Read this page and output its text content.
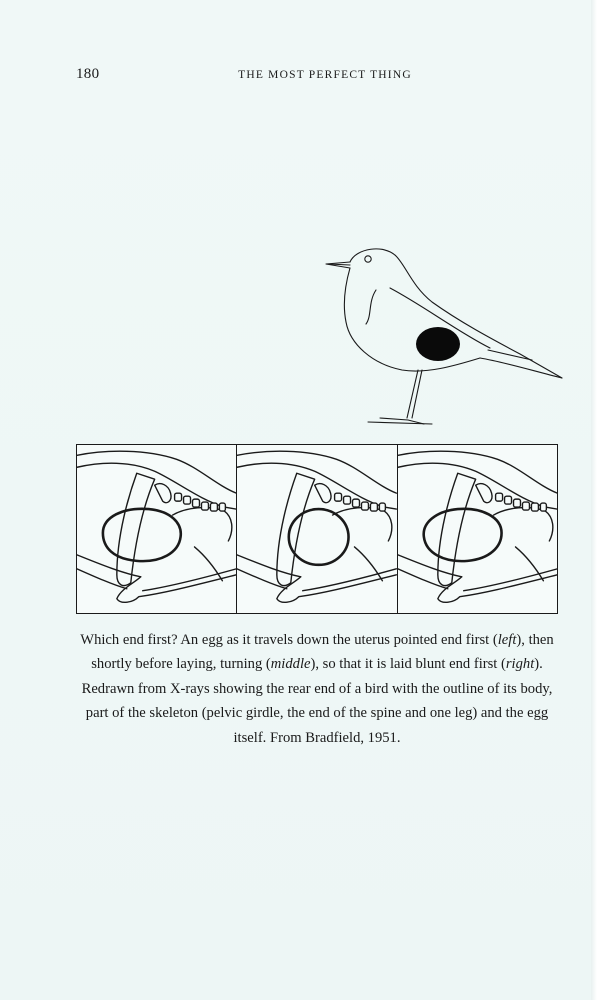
180	THE MOST PERFECT THING
Which end first? An egg as it travels down the uterus pointed end first (left), then shortly before laying, turning (middle), so that it is laid blunt end first (right). Redrawn from X-rays showing the rear end of a bird with the outline of its body, part of the skeleton (pelvic girdle, the end of the spine and one leg) and the egg itself. From Bradfield, 1951.
